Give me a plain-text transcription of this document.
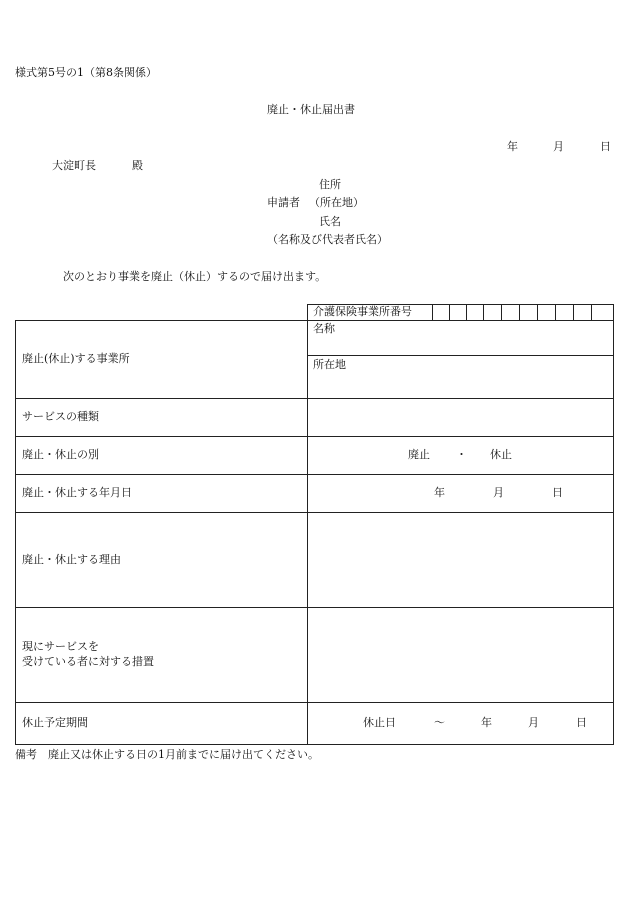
様式第5号の1（第8条関係）
廃止・休止届出書
年	月	日
大淀町長	殿
住所
申請者 （所在地）
氏名
（名称及び代表者氏名）
次のとおり事業を廃止（休止）するので届け出ます。
介護保険事業所番号
廃止(休止)する事業所
名称
所在地
サービスの種類
廃止・休止の別	廃止 ・ 休止
廃止・休止する年月日	年	月	日
廃止・休止する理由
現にサービスを
受けている者に対する措置
休止予定期間	休止日	～	年	月	日
備考　廃止又は休止する日の1月前までに届け出てください。
